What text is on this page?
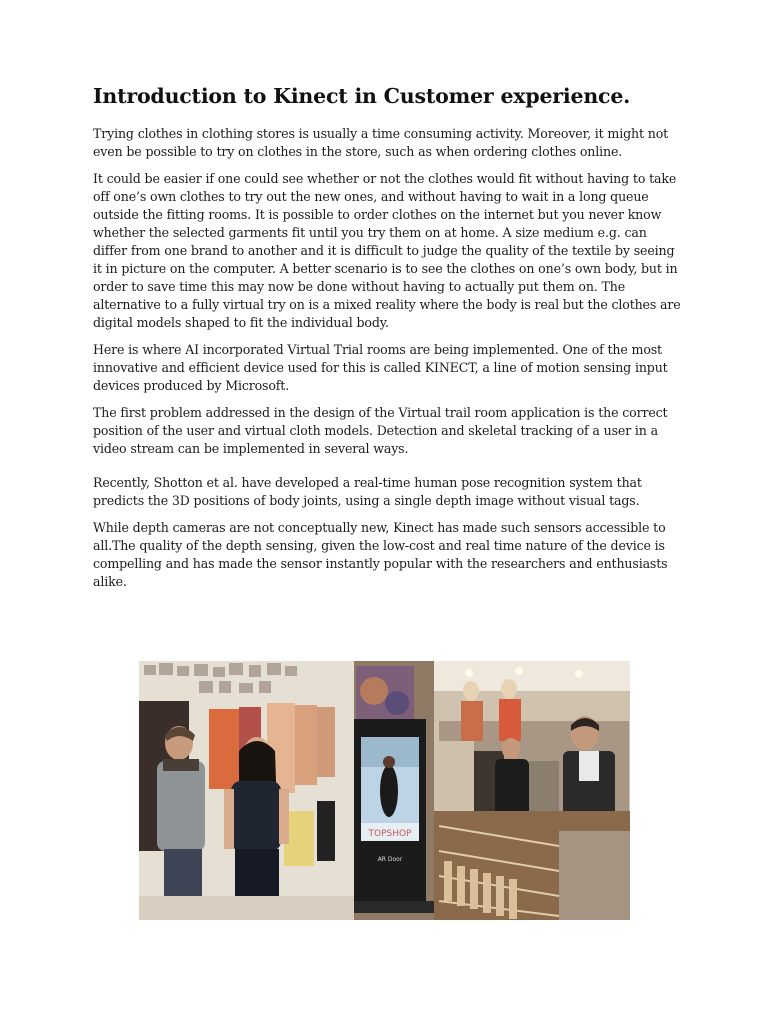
Introduction to Kinect in Customer experience.

Trying clothes in clothing stores is usually a time consuming activity. Moreover, it might not even be possible to try on clothes in the store, such as when ordering clothes online.

It could be easier if one could see whether or not the clothes would fit without having to take off one’s own clothes to try out the new ones, and without having to wait in a long queue outside the fitting rooms. It is possible to order clothes on the internet but you never know whether the selected garments fit until you try them on at home. A size medium e.g. can differ from one brand to another and it is difficult to judge the quality of the textile by seeing it in picture on the computer. A better scenario is to see the clothes on one’s own body, but in order to save time this may now be done without having to actually put them on. The alternative to a fully virtual try on is a mixed reality where the body is real but the clothes are digital models shaped to fit the individual body.

Here is where AI incorporated Virtual Trial rooms are being implemented. One of the most innovative and efficient device used for this is called KINECT, a line of motion sensing input devices produced by Microsoft.

The first problem addressed in the design of the Virtual trail room application is the correct position of the user and virtual cloth models. Detection and skeletal tracking of a user in a video stream can be implemented in several ways.

Recently, Shotton et al. have developed a real-time human pose recognition system that predicts the 3D positions of body joints, using a single depth image without visual tags.

While depth cameras are not conceptually new, Kinect has made such sensors accessible to all.The quality of the depth sensing, given the low-cost and real time nature of the device is compelling and has made the sensor instantly popular with the researchers and enthusiasts alike.

TOPSHOP
AR Door
